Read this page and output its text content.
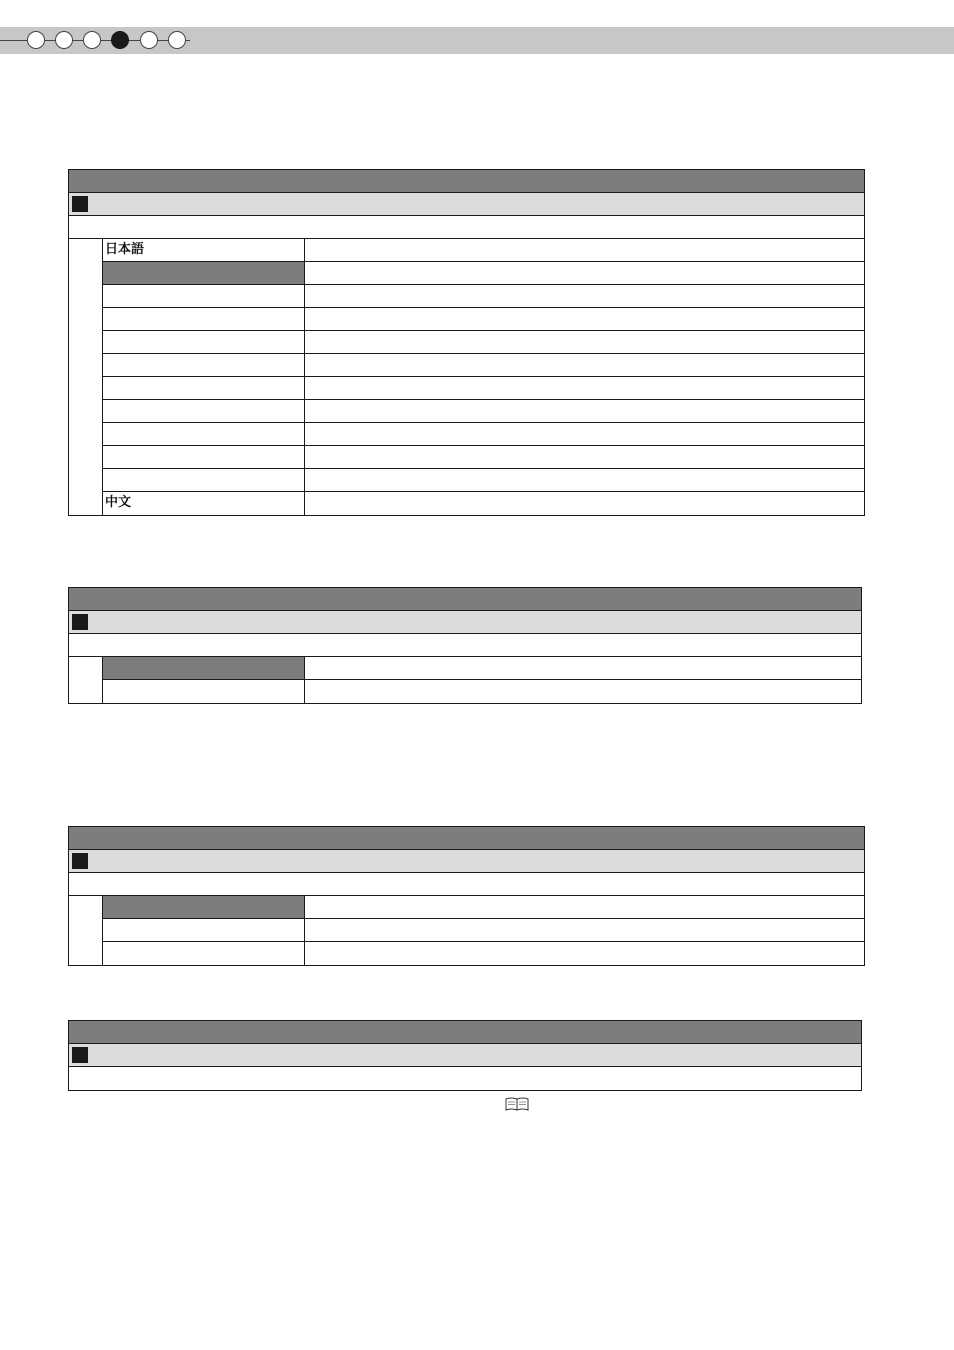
日本語
中文
